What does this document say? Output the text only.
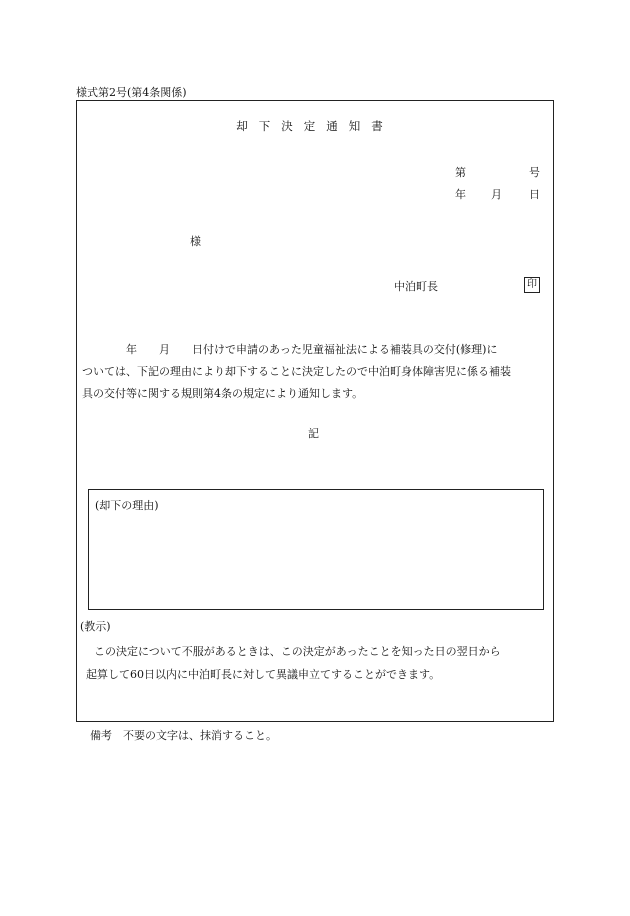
様式第2号(第4条関係)
却下決定通知書
第	号
年 月 日
様
中泊町長	印
　　　　年　　月　　日付けで申請のあった児童福祉法による補装具の交付(修理)に
ついては、下記の理由により却下することに決定したので中泊町身体障害児に係る補装
具の交付等に関する規則第4条の規定により通知します。
記
(却下の理由)
(教示)
この決定について不服があるときは、この決定があったことを知った日の翌日から
起算して60日以内に中泊町長に対して異議申立てすることができます。
備考　不要の文字は、抹消すること。
